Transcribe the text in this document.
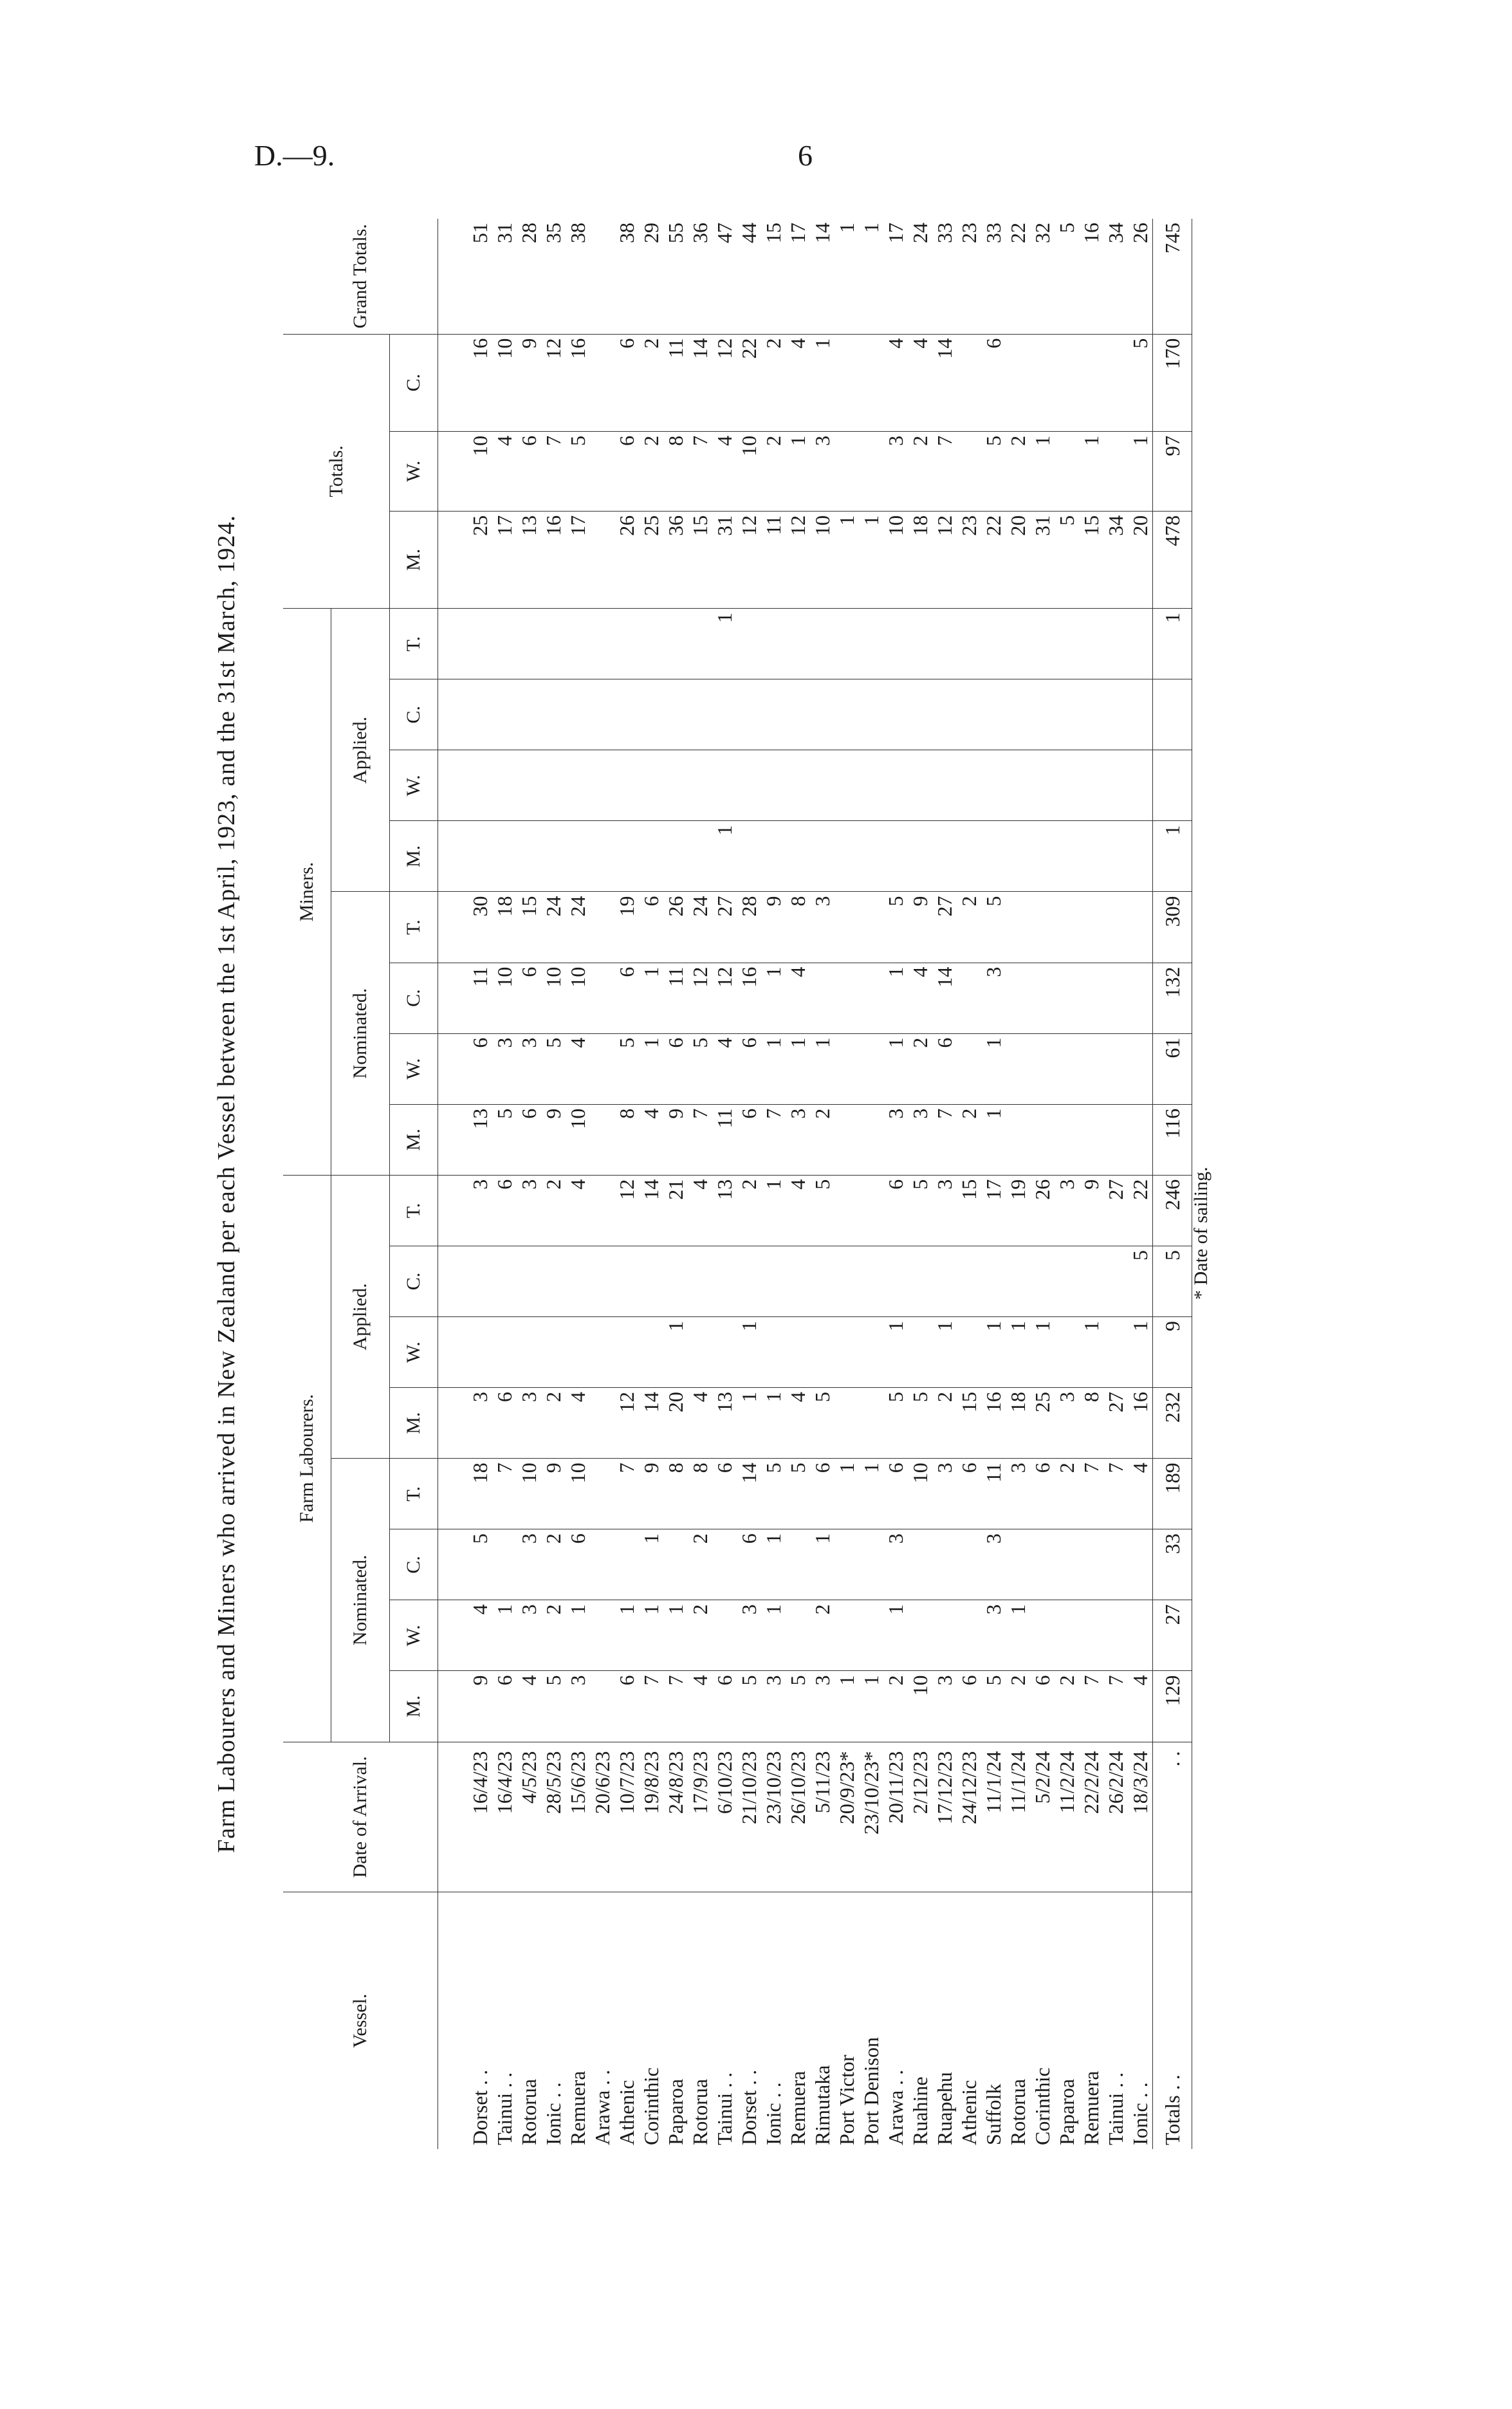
D.—9.	6
Farm Labourers and Miners who arrived in New Zealand per each Vessel between the 1st April, 1923, and the 31st March, 1924.
Vessel.	Date of Arrival.	Farm Labourers.								Miners.								Totals.			Grand Totals.
		Nominated.				Applied.				Nominated.				Applied.							
		M.	W.	C.	T.	M.	W.	C.	T.	M.	W.	C.	T.	M.	W.	C.	T.	M.	W.	C.	
Dorset . .	16/4/23	9	4	5	18	3			3	13	6	11	30					25	10	16	51
Tainui . .	16/4/23	6	1		7	6			6	5	3	10	18					17	4	10	31
Rotorua	4/5/23	4	3	3	10	3			3	6	3	6	15					13	6	9	28
Ionic . .	28/5/23	5	2	2	9	2			2	9	5	10	24					16	7	12	35
Remuera	15/6/23	3	1	6	10	4			4	10	4	10	24					17	5	16	38
Arawa . .	20/6/23																				
Athenic	10/7/23	6	1		7	12			12	8	5	6	19					26	6	6	38
Corinthic	19/8/23	7	1	1	9	14			14	4	1	1	6					25	2	2	29
Paparoa	24/8/23	7	1		8	20	1		21	9	6	11	26					36	8	11	55
Rotorua	17/9/23	4	2	2	8	4			4	7	5	12	24					15	7	14	36
Tainui . .	6/10/23	6			6	13			13	11	4	12	27	1			1	31	4	12	47
Dorset . .	21/10/23	5	3	6	14	1	1		2	6	6	16	28					12	10	22	44
Ionic . .	23/10/23	3	1	1	5	1			1	7	1	1	9					11	2	2	15
Remuera	26/10/23	5			5	4			4	3	1	4	8					12	1	4	17
Rimutaka	5/11/23	3	2	1	6	5			5	2	1		3					10	3	1	14
Port Victor	20/9/23*	1			1													1			1
Port Denison	23/10/23*	1			1													1			1
Arawa . .	20/11/23	2	1	3	6	5	1		6	3	1	1	5					10	3	4	17
Ruahine	2/12/23	10			10	5			5	3	2	4	9					18	2	4	24
Ruapehu	17/12/23	3			3	2	1		3	7	6	14	27					12	7	14	33
Athenic	24/12/23	6			6	15			15	2			2					23			23
Suffolk	11/1/24	5	3	3	11	16	1		17	1	1	3	5					22	5	6	33
Rotorua	11/1/24	2	1		3	18	1		19									20	2		22
Corinthic	5/2/24	6			6	25	1		26									31	1		32
Paparoa	11/2/24	2			2	3			3									5			5
Remuera	22/2/24	7			7	8	1		9									15	1		16
Tainui . .	26/2/24	7			7	27			27									34			34
Ionic . .	18/3/24	4			4	16	1	5	22									20	1	5	26
Totals . .	. .	129	27	33	189	232	9	5	246	116	61	132	309	1			1	478	97	170	745
* Date of sailing.
